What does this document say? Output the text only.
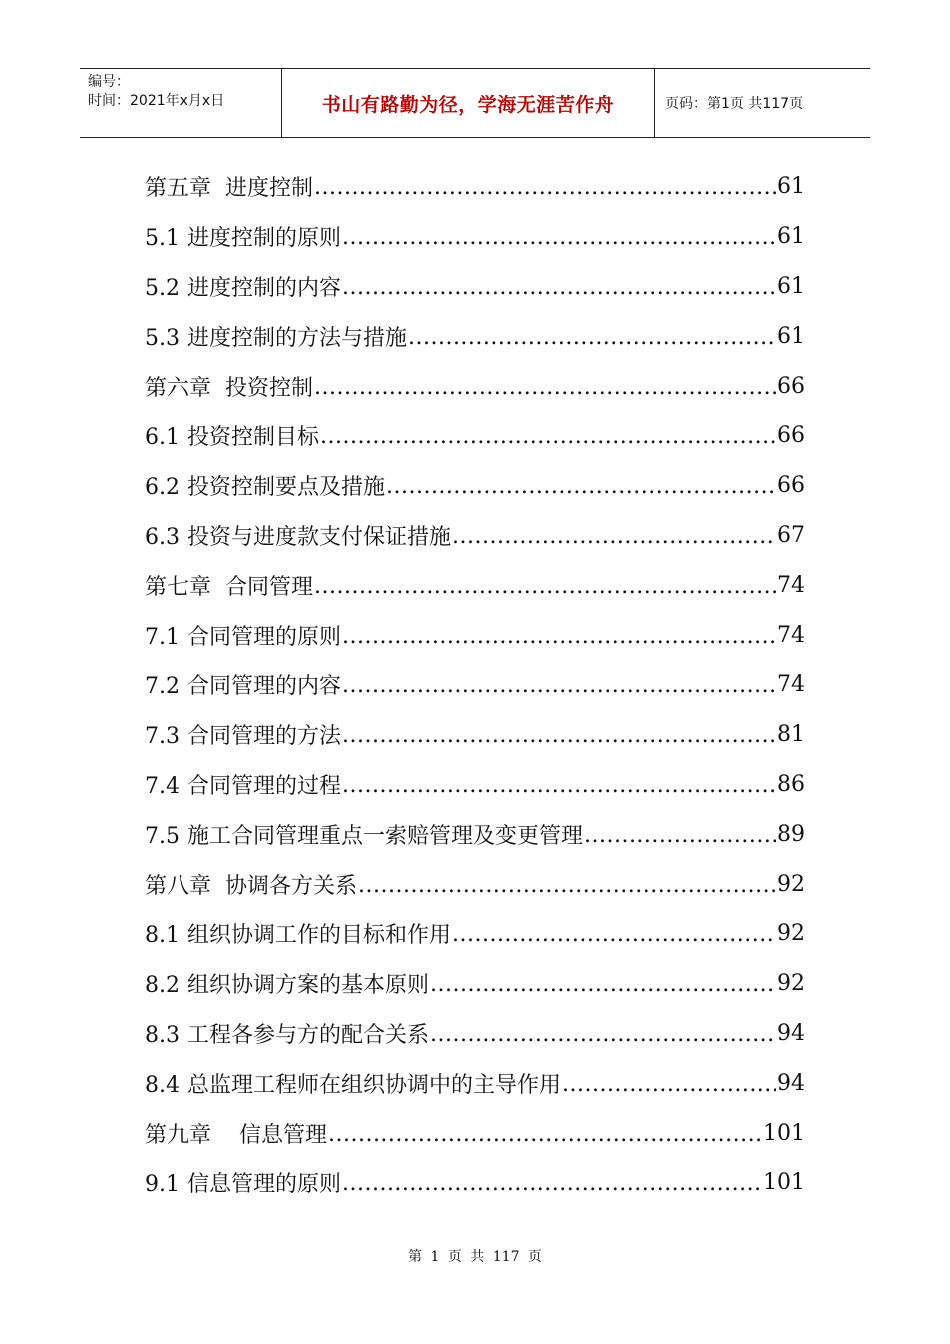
编号：
时间：2021年x月x日	书山有路勤为径，学海无涯苦作舟	页码：第1页 共117页
第五章  进度控制 .....	61
5.1 进度控制的原则 .....	61
5.2 进度控制的内容 .....	61
5.3 进度控制的方法与措施 .....	61
第六章  投资控制 .....	66
6.1 投资控制目标 .....	66
6.2 投资控制要点及措施 .....	66
6.3 投资与进度款支付保证措施 .....	67
第七章  合同管理 .....	74
7.1 合同管理的原则 .....	74
7.2 合同管理的内容 .....	74
7.3 合同管理的方法 .....	81
7.4 合同管理的过程 .....	86
7.5 施工合同管理重点一索赔管理及变更管理 .....	89
第八章  协调各方关系 .....	92
8.1 组织协调工作的目标和作用 .....	92
8.2 组织协调方案的基本原则 .....	92
8.3 工程各参与方的配合关系 .....	94
8.4 总监理工程师在组织协调中的主导作用 .....	94
第九章    信息管理 .....	101
9.1 信息管理的原则 .....	101
第 1 页 共 117 页
